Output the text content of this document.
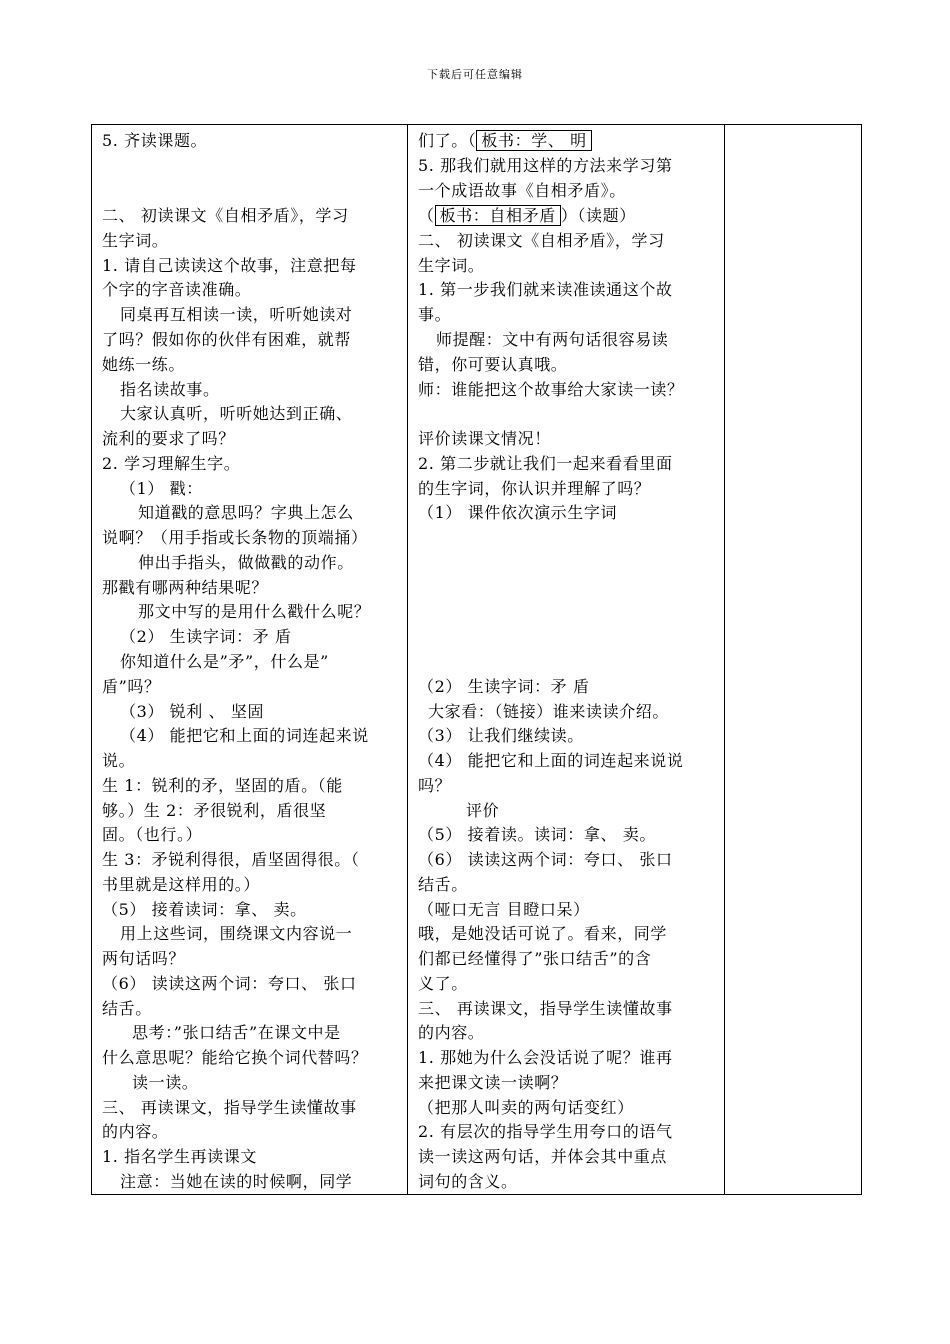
下载后可任意编辑
5. 齐读课题。
二、 初读课文《自相矛盾》，学习
生字词。
1. 请自己读读这个故事，注意把每
个字的字音读准确。
同桌再互相读一读，听听她读对
了吗？假如你的伙伴有困难，就帮
她练一练。
指名读故事。
大家认真听，听听她达到正确、
流利的要求了吗？
2. 学习理解生字。
（1） 戳：
知道戳的意思吗？字典上怎么
说啊？（用手指或长条物的顶端捅）
伸出手指头，做做戳的动作。
那戳有哪两种结果呢？
那文中写的是用什么戳什么呢？
（2） 生读字词：矛 盾
你知道什么是”矛”，什么是”
盾”吗？
（3） 锐利 、 坚固
（4） 能把它和上面的词连起来说
说。
生 1：锐利的矛，坚固的盾。（能
够。）生 2：矛很锐利，盾很坚
固。（也行。）
生 3：矛锐利得很，盾坚固得很。（
书里就是这样用的。）
（5） 接着读词：拿、 卖。
用上这些词，围绕课文内容说一
两句话吗？
（6） 读读这两个词：夸口、 张口
结舌。
思考：”张口结舌”在课文中是
什么意思呢？能给它换个词代替吗？
读一读。
三、 再读课文，指导学生读懂故事
的内容。
1. 指名学生再读课文
注意：当她在读的时候啊，同学
们了。（ 板书：学、 明
5. 那我们就用这样的方法来学习第
一个成语故事《自相矛盾》。
（ 板书：自相矛盾 ）（读题）
二、 初读课文《自相矛盾》，学习
生字词。
1. 第一步我们就来读准读通这个故
事。
师提醒：文中有两句话很容易读
错，你可要认真哦。
师：谁能把这个故事给大家读一读？
评价读课文情况！
2. 第二步就让我们一起来看看里面
的生字词，你认识并理解了吗？
（1） 课件依次演示生字词
（2） 生读字词：矛 盾
大家看：（链接）谁来读读介绍。
（3） 让我们继续读。
（4） 能把它和上面的词连起来说说
吗？
评价
（5） 接着读。读词：拿、 卖。
（6） 读读这两个词：夸口、 张口
结舌。
（哑口无言 目瞪口呆）
哦，是她没话可说了。看来，同学
们都已经懂得了”张口结舌”的含
义了。
三、 再读课文，指导学生读懂故事
的内容。
1. 那她为什么会没话说了呢？谁再
来把课文读一读啊？
（把那人叫卖的两句话变红）
2. 有层次的指导学生用夸口的语气
读一读这两句话，并体会其中重点
词句的含义。
